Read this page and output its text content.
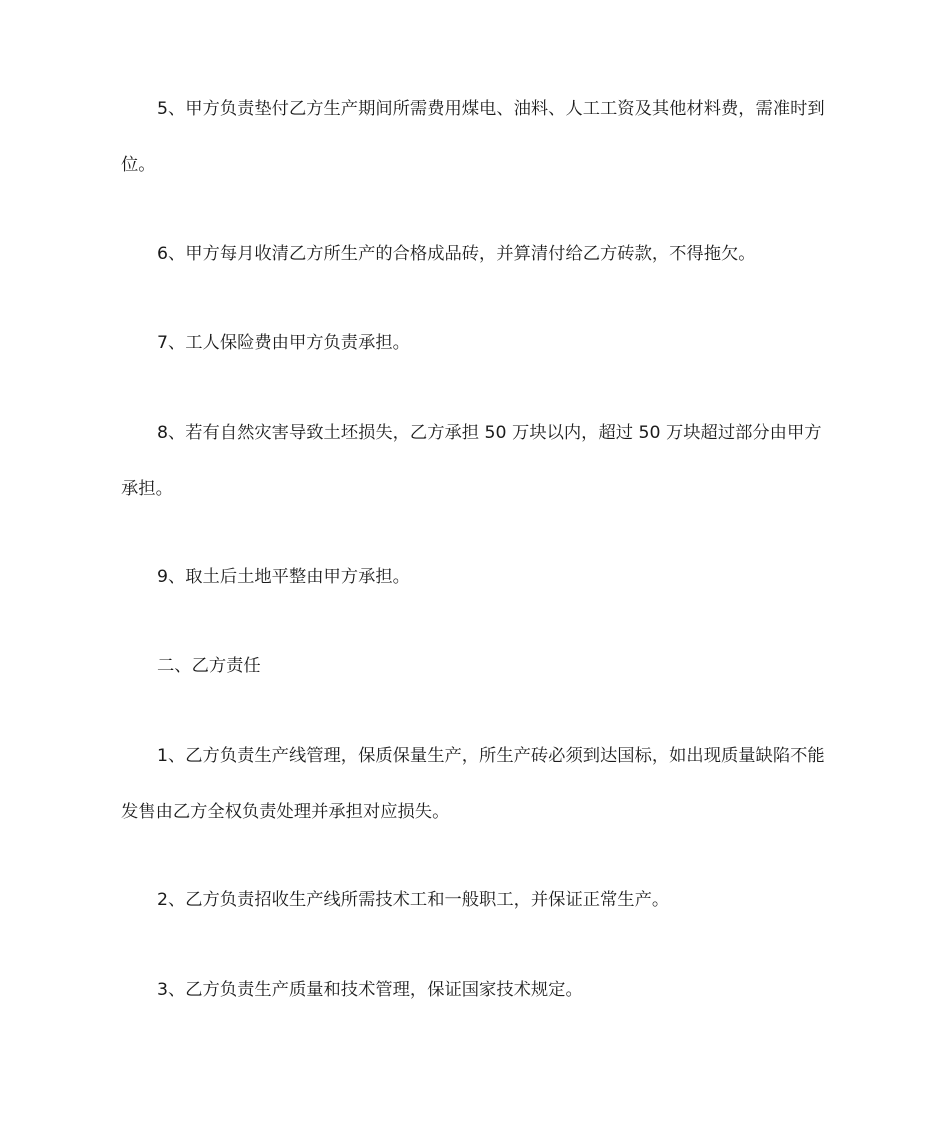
5、甲方负责垫付乙方生产期间所需费用煤电、油料、人工工资及其他材料费，需准时到位。

6、甲方每月收清乙方所生产的合格成品砖，并算清付给乙方砖款，不得拖欠。

7、工人保险费由甲方负责承担。

8、若有自然灾害导致土坯损失，乙方承担 50 万块以内，超过 50 万块超过部分由甲方承担。

9、取土后土地平整由甲方承担。

二、乙方责任

1、乙方负责生产线管理，保质保量生产，所生产砖必须到达国标，如出现质量缺陷不能发售由乙方全权负责处理并承担对应损失。

2、乙方负责招收生产线所需技术工和一般职工，并保证正常生产。

3、乙方负责生产质量和技术管理，保证国家技术规定。
